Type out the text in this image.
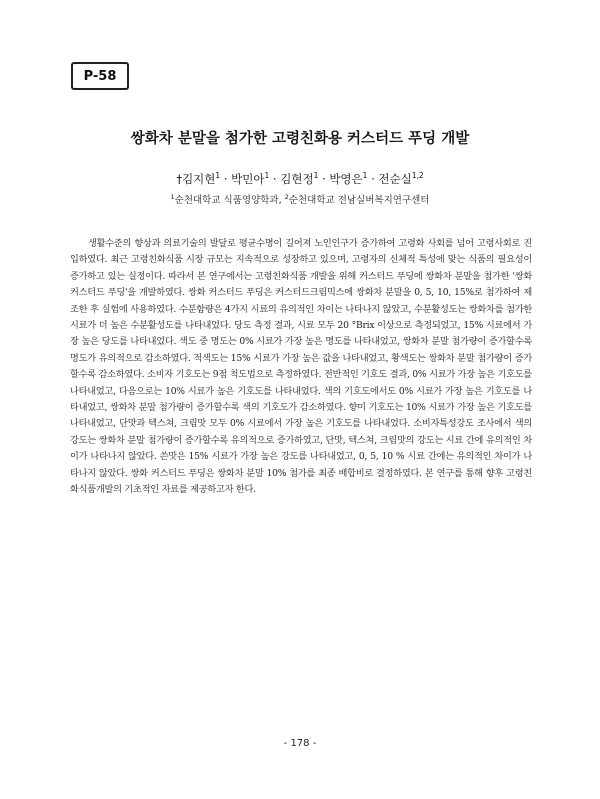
P-58
쌍화차 분말을 첨가한 고령친화용 커스터드 푸딩 개발
†김지현$^1$ · 박민아$^1$ · 김현정$^1$ · 박영은$^1$ · 전순실$^{1,2}$
$^1$순천대학교 식품영양학과, $^2$순천대학교 전남실버복지연구센터

생활수준의 향상과 의료기술의 발달로 평균수명이 길어져 노인인구가 증가하여 고령화 사회를 넘어 고령사회로 진입하였다. 최근 고령친화식품 시장 규모는 지속적으로 성장하고 있으며, 고령자의 신체적 특성에 맞는 식품의 필요성이 증가하고 있는 실정이다. 따라서 본 연구에서는 고령친화식품 개발을 위해 커스터드 푸딩에 쌍화차 분말을 첨가한 '쌍화 커스터드 푸딩'을 개발하였다. 쌍화 커스터드 푸딩은 커스터드크림믹스에 쌍화차 분말을 0, 5, 10, 15%로 첨가하여 제조한 후 실험에 사용하였다. 수분함량은 4가지 시료의 유의적인 차이는 나타나지 않았고, 수분활성도는 쌍화차를 첨가한 시료가 더 높은 수분활성도를 나타내었다. 당도 측정 결과, 시료 모두 20 °Brix 이상으로 측정되었고, 15% 시료에서 가장 높은 당도를 나타내었다. 색도 중 명도는 0% 시료가 가장 높은 명도를 나타내었고, 쌍화차 분말 첨가량이 증가할수록 명도가 유의적으로 감소하였다. 적색도는 15% 시료가 가장 높은 값을 나타내었고, 황색도는 쌍화차 분말 첨가량이 증가할수록 감소하였다. 소비자 기호도는 9점 척도법으로 측정하였다. 전반적인 기호도 결과, 0% 시료가 가장 높은 기호도를 나타내었고, 다음으로는 10% 시료가 높은 기호도를 나타내었다. 색의 기호도에서도 0% 시료가 가장 높은 기호도를 나타내었고, 쌍화차 분말 첨가량이 증가할수록 색의 기호도가 감소하였다. 향미 기호도는 10% 시료가 가장 높은 기호도를 나타내었고, 단맛과 텍스쳐, 크림맛 모두 0% 시료에서 가장 높은 기호도를 나타내었다. 소비자특성강도 조사에서 색의 강도는 쌍화차 분말 첨가량이 증가할수록 유의적으로 증가하였고, 단맛, 텍스쳐, 크림맛의 강도는 시료 간에 유의적인 차이가 나타나지 않았다. 쓴맛은 15% 시료가 가장 높은 강도를 나타내었고, 0, 5, 10 % 시료 간에는 유의적인 차이가 나타나지 않았다. 쌍화 커스터드 푸딩은 쌍화차 분말 10% 첨가를 최종 배합비로 결정하였다. 본 연구를 통해 향후 고령친화식품개발의 기초적인 자료를 제공하고자 한다.

- 178 -
